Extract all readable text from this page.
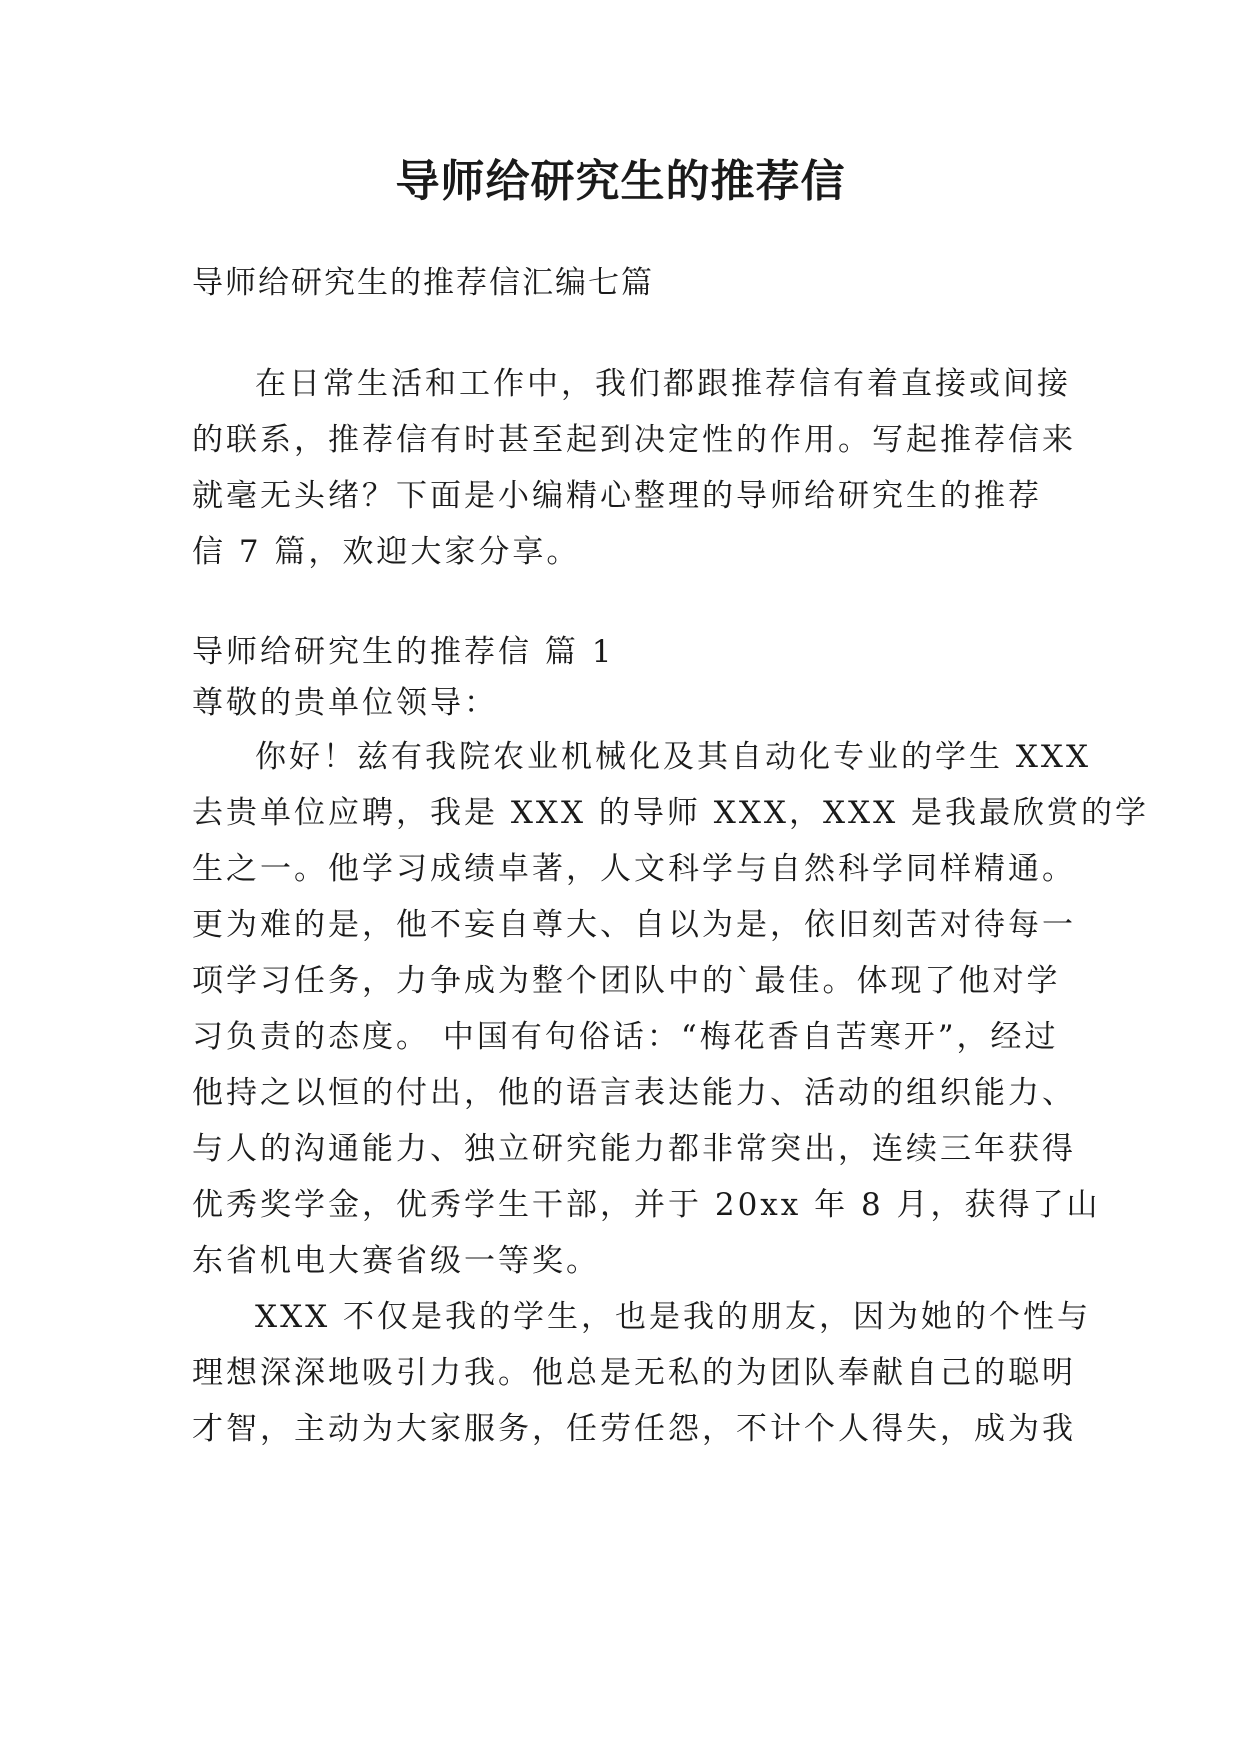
导师给研究生的推荐信

导师给研究生的推荐信汇编七篇

在日常生活和工作中，我们都跟推荐信有着直接或间接

的联系，推荐信有时甚至起到决定性的作用。写起推荐信来

就毫无头绪？下面是小编精心整理的导师给研究生的推荐

信 7 篇，欢迎大家分享。

导师给研究生的推荐信 篇 1

尊敬的贵单位领导：

你好！兹有我院农业机械化及其自动化专业的学生 XXX

去贵单位应聘，我是 XXX 的导师 XXX，XXX 是我最欣赏的学

生之一。他学习成绩卓著，人文科学与自然科学同样精通。

更为难的是，他不妄自尊大、自以为是，依旧刻苦对待每一

项学习任务，力争成为整个团队中的`最佳。体现了他对学

习负责的态度。 中国有句俗话：“梅花香自苦寒开”，经过

他持之以恒的付出，他的语言表达能力、活动的组织能力、

与人的沟通能力、独立研究能力都非常突出，连续三年获得

优秀奖学金，优秀学生干部，并于 20xx 年 8 月，获得了山

东省机电大赛省级一等奖。

XXX 不仅是我的学生，也是我的朋友，因为她的个性与

理想深深地吸引力我。他总是无私的为团队奉献自己的聪明

才智，主动为大家服务，任劳任怨，不计个人得失，成为我
